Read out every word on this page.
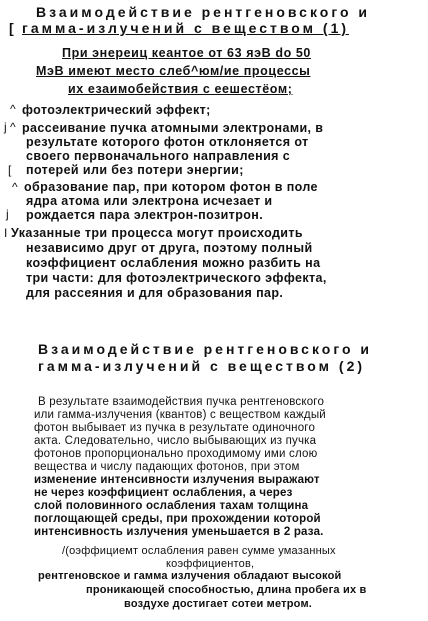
Взаимодействие рентгеновского и
[ гамма-излучений с веществом (1)
При энереиц кеантое от 63 яэВ do 50
МэВ имеют место слеб^юм/ие процессы
их езаимобействия с еешестёом;
^ фотоэлектрический эффект;
j ^ рассеивание пучка атомными электронами, в
результате которого фотон отклоняется от
своего первоначального направления с
[ потерей или без потери энергии;
^ образование пар, при котором фотон в поле
ядра атома или электрона исчезает и
j рождается пара электрон-позитрон.
I Указанные три процесса могут происходить
независимо друг от друга, поэтому полный
коэффициент ослабления можно разбить на
три части: для фотоэлектрического эффекта,
для рассеяния и для образования пар.
Взаимодействие рентгеновского и
гамма-излучений с веществом (2)
В результате взаимодействия пучка рентгеновского
или гамма-излучения (квантов) с веществом каждый
фотон выбывает из пучка в результате одиночного
акта. Следовательно, число выбывающих из пучка
фотонов пропорционально проходимому ими слою
вещества и числу падающих фотонов, при этом
изменение интенсивности излучения выражают
не через коэффициент ослабления, а через
слой половинного ослабления тахам толщина
поглощающей среды, при прохождении которой
интенсивность излучения уменьшается в 2 раза.
/(оэффициемт ослабления равен сумме умазанных
коэффициентов,
рентгеновское и гамма излучения обладают высокой
проникающей способностью, длина пробега их в
воздухе достигает сотеи метром.
